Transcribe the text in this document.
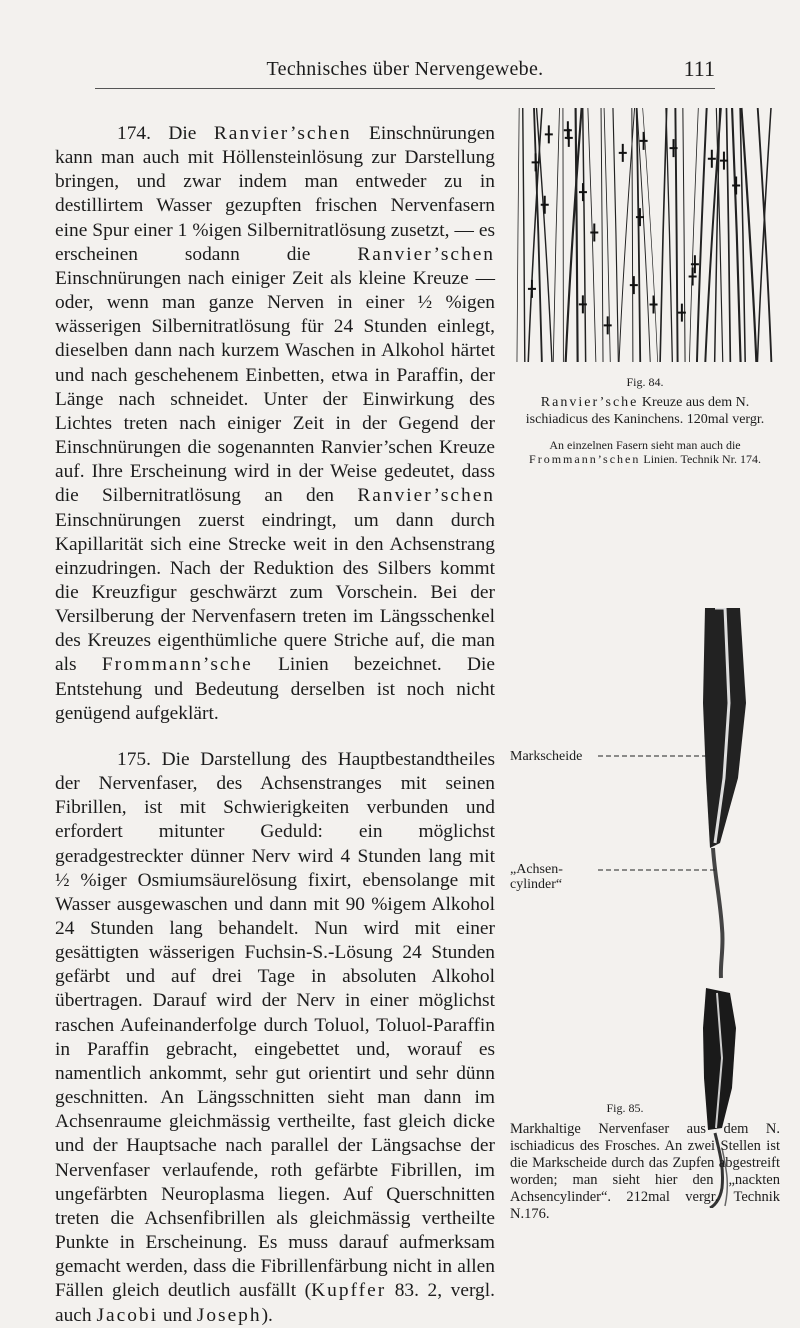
Technisches über Nervengewebe.	111

174. Die Ranvier’schen Einschnürungen kann man auch mit Höllensteinlösung zur Darstellung bringen, und zwar indem man entweder zu in destillirtem Wasser gezupften frischen Nervenfasern eine Spur einer 1 %igen Silbernitratlösung zusetzt, — es erscheinen sodann die Ranvier’schen Einschnürungen nach einiger Zeit als kleine Kreuze — oder, wenn man ganze Nerven in einer ½ %igen wässerigen Silbernitratlösung für 24 Stunden einlegt, dieselben dann nach kurzem Waschen in Alkohol härtet und nach geschehenem Einbetten, etwa in Paraffin, der Länge nach schneidet. Unter der Einwirkung des Lichtes treten nach einiger Zeit in der Gegend der Einschnürungen die sogenannten Ranvier’schen Kreuze auf. Ihre Erscheinung wird in der Weise gedeutet, dass die Silbernitratlösung an den Ranvier’schen Einschnürungen zuerst eindringt, um dann durch Kapillarität sich eine Strecke weit in den Achsenstrang einzudringen. Nach der Reduktion des Silbers kommt die Kreuzfigur geschwärzt zum Vorschein. Bei der Versilberung der Nervenfasern treten im Längsschenkel des Kreuzes eigenthümliche quere Striche auf, die man als Frommann’sche Linien bezeichnet. Die Entstehung und Bedeutung derselben ist noch nicht genügend aufgeklärt.

175. Die Darstellung des Hauptbestandtheiles der Nervenfaser, des Achsenstranges mit seinen Fibrillen, ist mit Schwierigkeiten verbunden und erfordert mitunter Geduld: ein möglichst geradgestreckter dünner Nerv wird 4 Stunden lang mit ½ %iger Osmiumsäurelösung fixirt, ebensolange mit Wasser ausgewaschen und dann mit 90 %igem Alkohol 24 Stunden lang behandelt. Nun wird mit einer gesättigten wässerigen Fuchsin-S.-Lösung 24 Stunden gefärbt und auf drei Tage in absoluten Alkohol übertragen. Darauf wird der Nerv in einer möglichst raschen Aufeinanderfolge durch Toluol, Toluol-Paraffin in Paraffin gebracht, eingebettet und, worauf es namentlich ankommt, sehr gut orientirt und sehr dünn geschnitten. An Längsschnitten sieht man dann im Achsenraume gleichmässig vertheilte, fast gleich dicke und der Hauptsache nach parallel der Längsachse der Nervenfaser verlaufende, roth gefärbte Fibrillen, im ungefärbten Neuroplasma liegen. Auf Querschnitten treten die Achsenfibrillen als gleichmässig vertheilte Punkte in Erscheinung. Es muss darauf aufmerksam gemacht werden, dass die Fibrillenfärbung nicht in allen Fällen gleich deutlich ausfällt (Kupffer 83. 2, vergl. auch Jacobi und Joseph).

Fig. 84.
Ranvier’sche Kreuze aus dem N. ischiadicus des Kaninchens. 120mal vergr.
An einzelnen Fasern sieht man auch die Frommann’schen Linien. Technik Nr. 174.
Markscheide
„Achsen-
cylinder“
Fig. 85.
Markhaltige Nervenfaser aus dem N. ischiadicus des Frosches. An zwei Stellen ist die Markscheide durch das Zupfen abgestreift worden; man sieht hier den „nackten Achsencylinder“. 212mal vergr. Technik N.176.
